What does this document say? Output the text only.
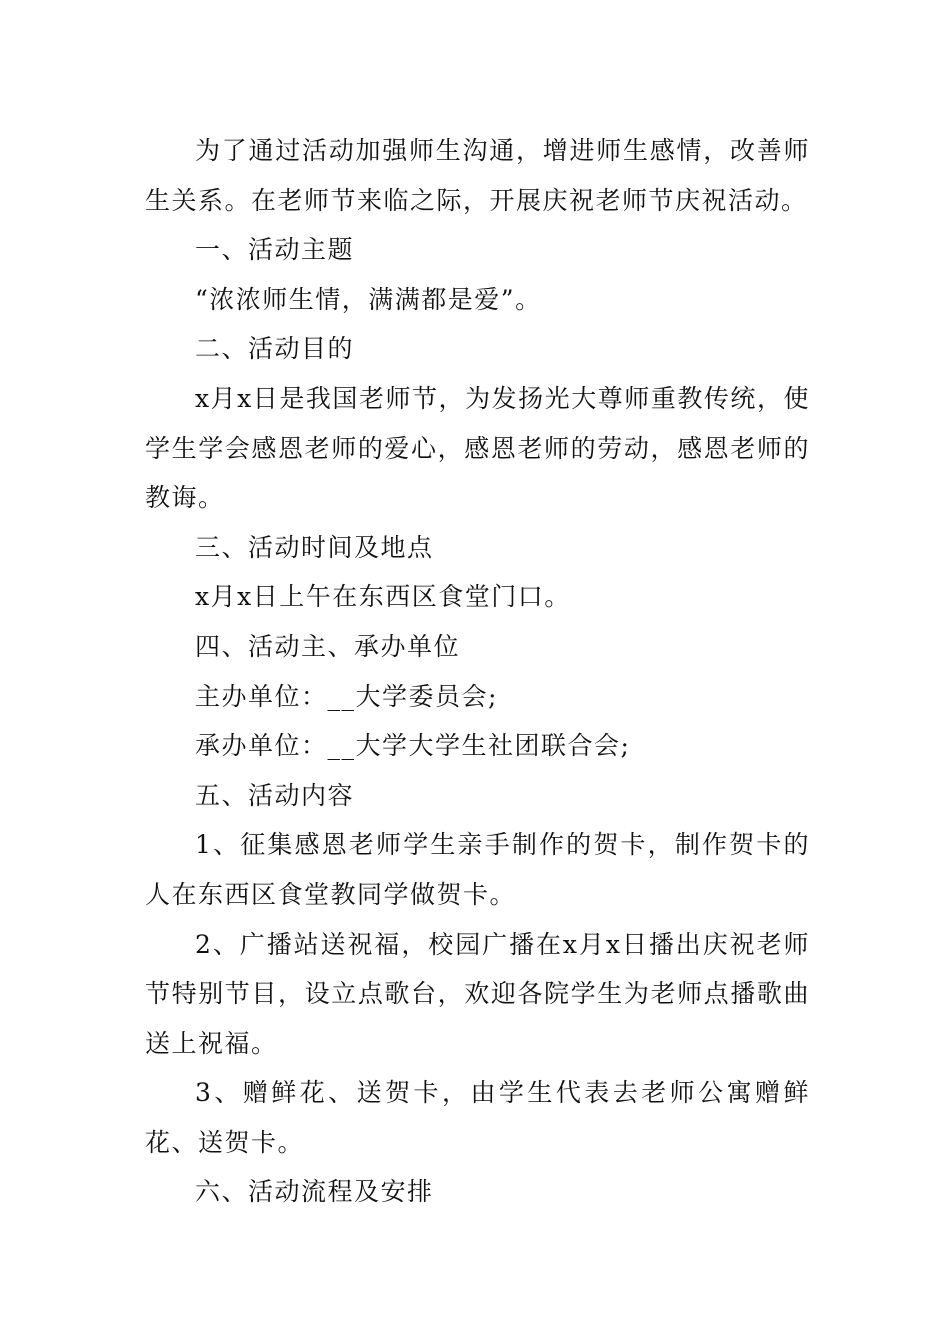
为了通过活动加强师生沟通，增进师生感情，改善师生关系。在老师节来临之际，开展庆祝老师节庆祝活动。

一、活动主题

“浓浓师生情，满满都是爱”。

二、活动目的

x月x日是我国老师节，为发扬光大尊师重教传统，使学生学会感恩老师的爱心，感恩老师的劳动，感恩老师的教诲。

三、活动时间及地点

x月x日上午在东西区食堂门口。

四、活动主、承办单位

主办单位：__大学委员会;

承办单位：__大学大学生社团联合会;

五、活动内容

1、征集感恩老师学生亲手制作的贺卡，制作贺卡的人在东西区食堂教同学做贺卡。

2、广播站送祝福，校园广播在x月x日播出庆祝老师节特别节目，设立点歌台，欢迎各院学生为老师点播歌曲送上祝福。

3、赠鲜花、送贺卡，由学生代表去老师公寓赠鲜花、送贺卡。

六、活动流程及安排
